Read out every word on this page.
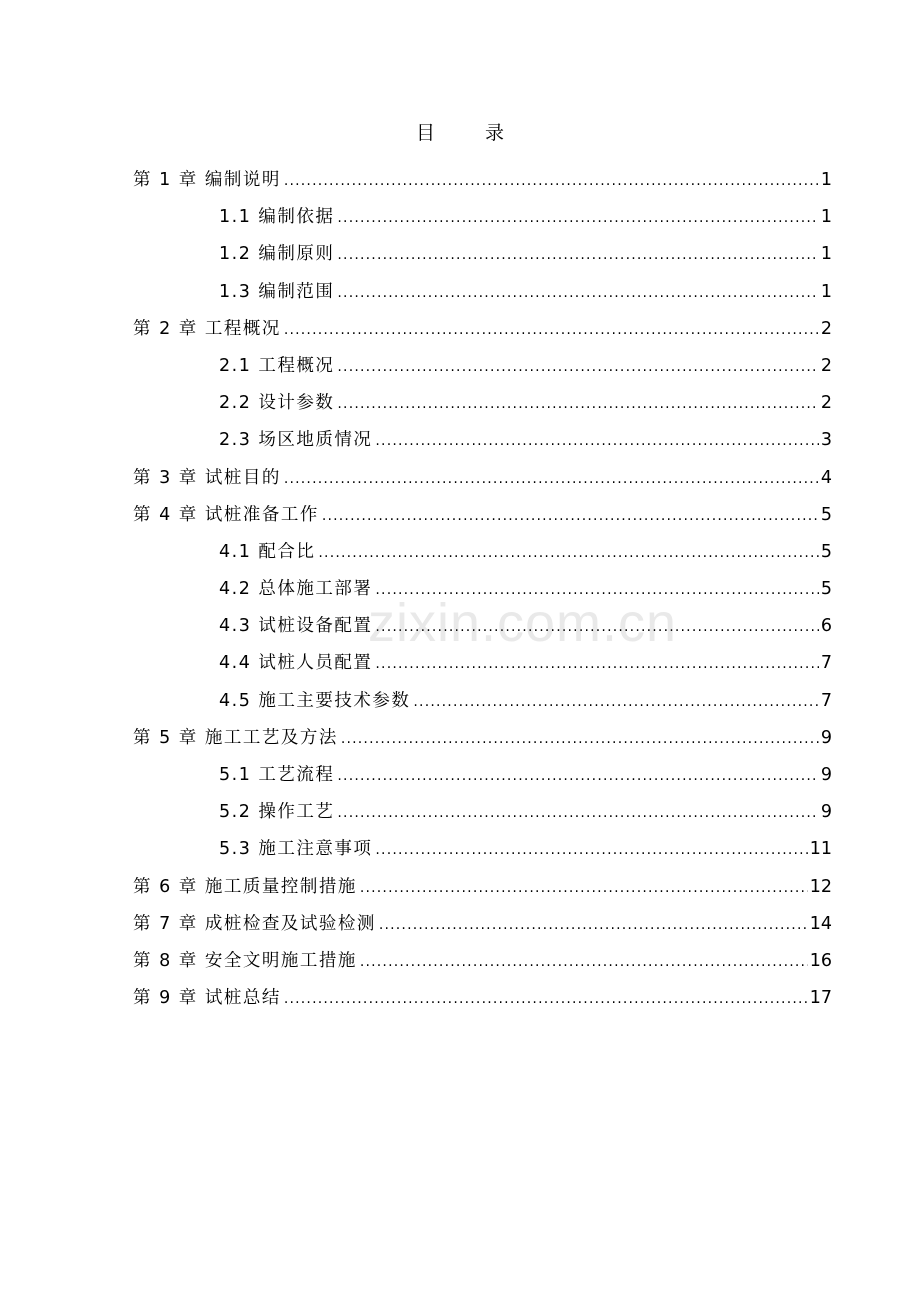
目 录
第 1 章 编制说明 .....	1
1.1 编制依据 .....	1
1.2 编制原则 .....	1
1.3 编制范围 .....	1
第 2 章 工程概况 .....	2
2.1 工程概况 .....	2
2.2 设计参数 .....	2
2.3 场区地质情况 .....	3
第 3 章 试桩目的 .....	4
第 4 章 试桩准备工作 .....	5
4.1 配合比 .....	5
4.2 总体施工部署 .....	5
4.3 试桩设备配置 .....	6
4.4 试桩人员配置 .....	7
4.5 施工主要技术参数 .....	7
第 5 章 施工工艺及方法 .....	9
5.1 工艺流程 .....	9
5.2 操作工艺 .....	9
5.3 施工注意事项 .....	11
第 6 章 施工质量控制措施 .....	12
第 7 章 成桩检查及试验检测 .....	14
第 8 章 安全文明施工措施 .....	16
第 9 章 试桩总结 .....	17
zixin.com.cn
